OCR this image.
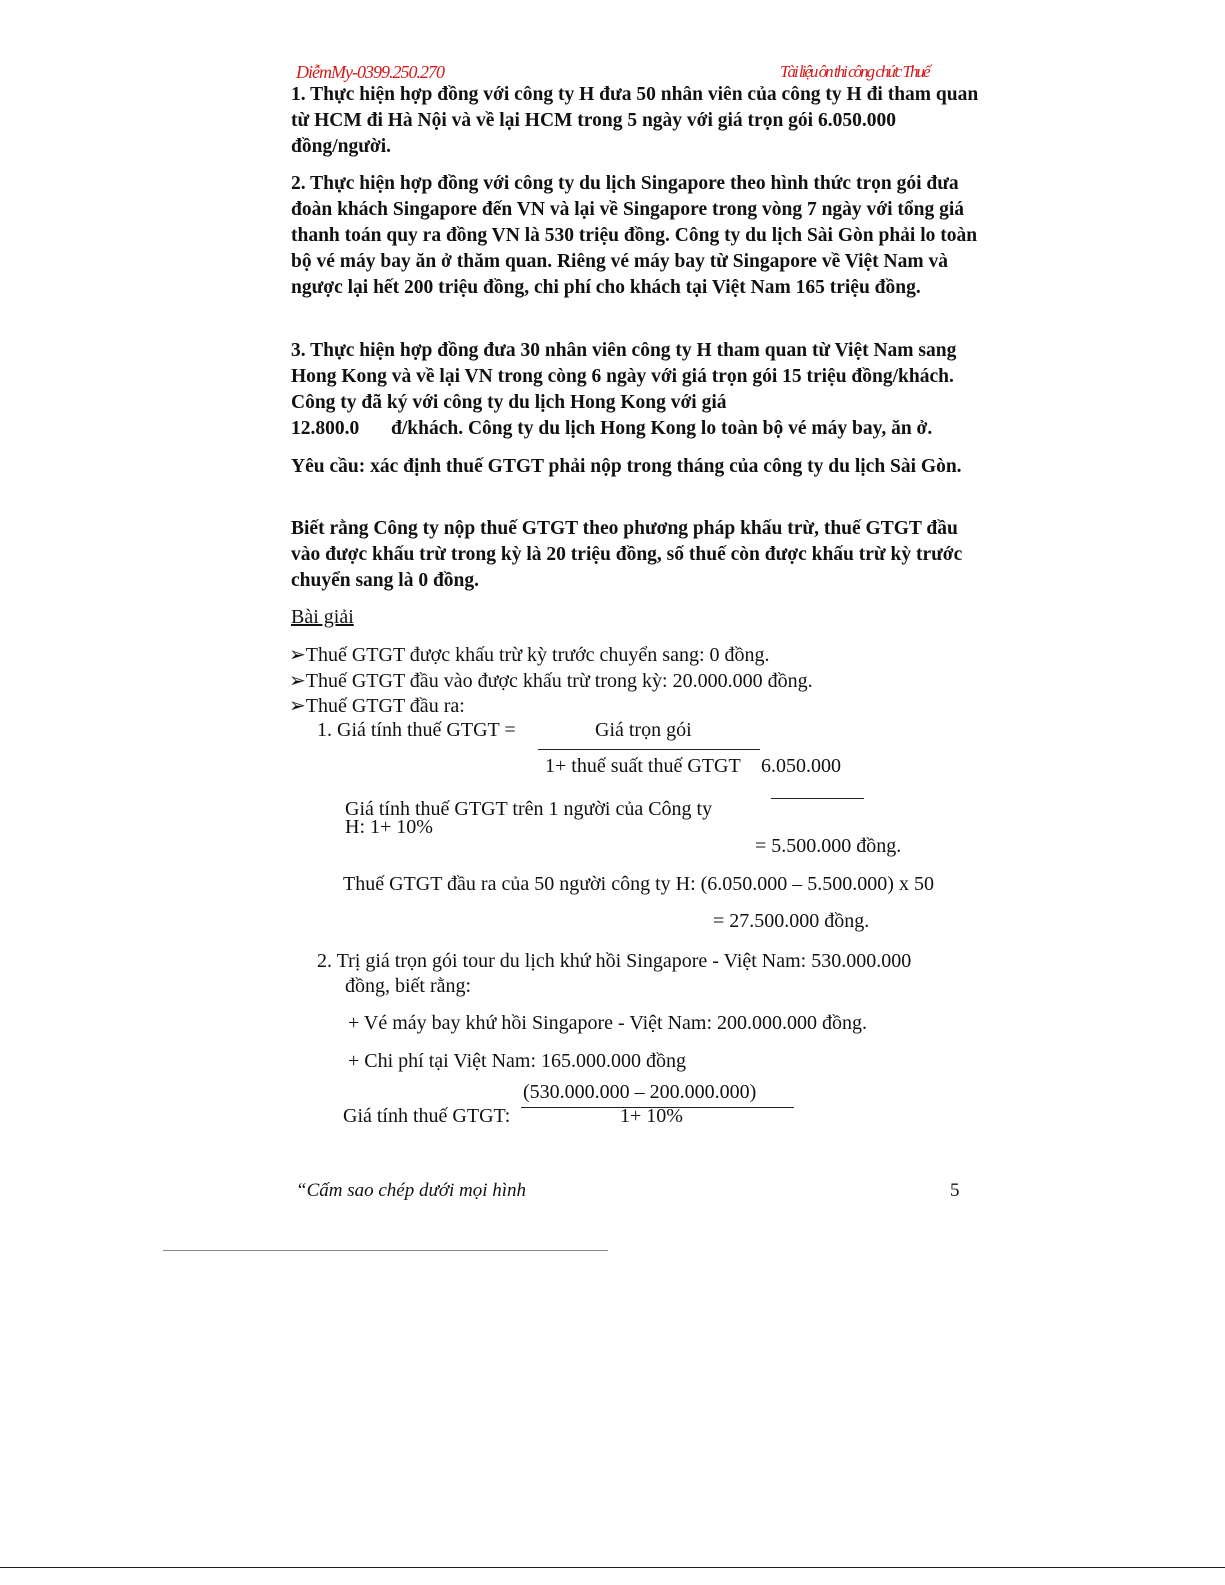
DiễmMy-0399.250.270	Tài liệu ôn thi công chức Thuế
1. Thực hiện hợp đồng với công ty H đưa 50 nhân viên của công ty H đi tham quan từ HCM đi Hà Nội và về lại HCM trong 5 ngày với giá trọn gói 6.050.000 đồng/người.
2. Thực hiện hợp đồng với công ty du lịch Singapore theo hình thức trọn gói đưa đoàn khách Singapore đến VN và lại về Singapore trong vòng 7 ngày với tổng giá thanh toán quy ra đồng VN là 530 triệu đồng. Công ty du lịch Sài Gòn phải lo toàn bộ vé máy bay ăn ở thăm quan. Riêng vé máy bay từ Singapore về Việt Nam và ngược lại hết 200 triệu đồng, chi phí cho khách tại Việt Nam 165 triệu đồng.
3. Thực hiện hợp đồng đưa 30 nhân viên công ty H tham quan từ Việt Nam sang Hong Kong và về lại VN trong còng 6 ngày với giá trọn gói 15 triệu đồng/khách. Công ty đã ký với công ty du lịch Hong Kong với giá
12.800.0 đ/khách. Công ty du lịch Hong Kong lo toàn bộ vé máy bay, ăn ở.
Yêu cầu: xác định thuế GTGT phải nộp trong tháng của công ty du lịch Sài Gòn.
Biết rằng Công ty nộp thuế GTGT theo phương pháp khấu trừ, thuế GTGT đầu vào được khấu trừ trong kỳ là 20 triệu đồng, số thuế còn được khấu trừ kỳ trước chuyển sang là 0 đồng.
Bài giải
➢Thuế GTGT được khấu trừ kỳ trước chuyển sang: 0 đồng.
➢Thuế GTGT đầu vào được khấu trừ trong kỳ: 20.000.000 đồng.
➢Thuế GTGT đầu ra:
1. Giá tính thuế GTGT =	Giá trọn gói
1+ thuế suất thuế GTGT 6.050.000
Giá tính thuế GTGT trên 1 người của Công ty
H: 1+ 10%
= 5.500.000 đồng.
Thuế GTGT đầu ra của 50 người công ty H: (6.050.000 – 5.500.000) x 50
= 27.500.000 đồng.
2. Trị giá trọn gói tour du lịch khứ hồi Singapore - Việt Nam: 530.000.000
đồng, biết rằng:
+ Vé máy bay khứ hồi Singapore - Việt Nam: 200.000.000 đồng.
+ Chi phí tại Việt Nam: 165.000.000 đồng
(530.000.000 – 200.000.000)
Giá tính thuế GTGT:	1+ 10%
“Cấm sao chép dưới mọi hình	5
